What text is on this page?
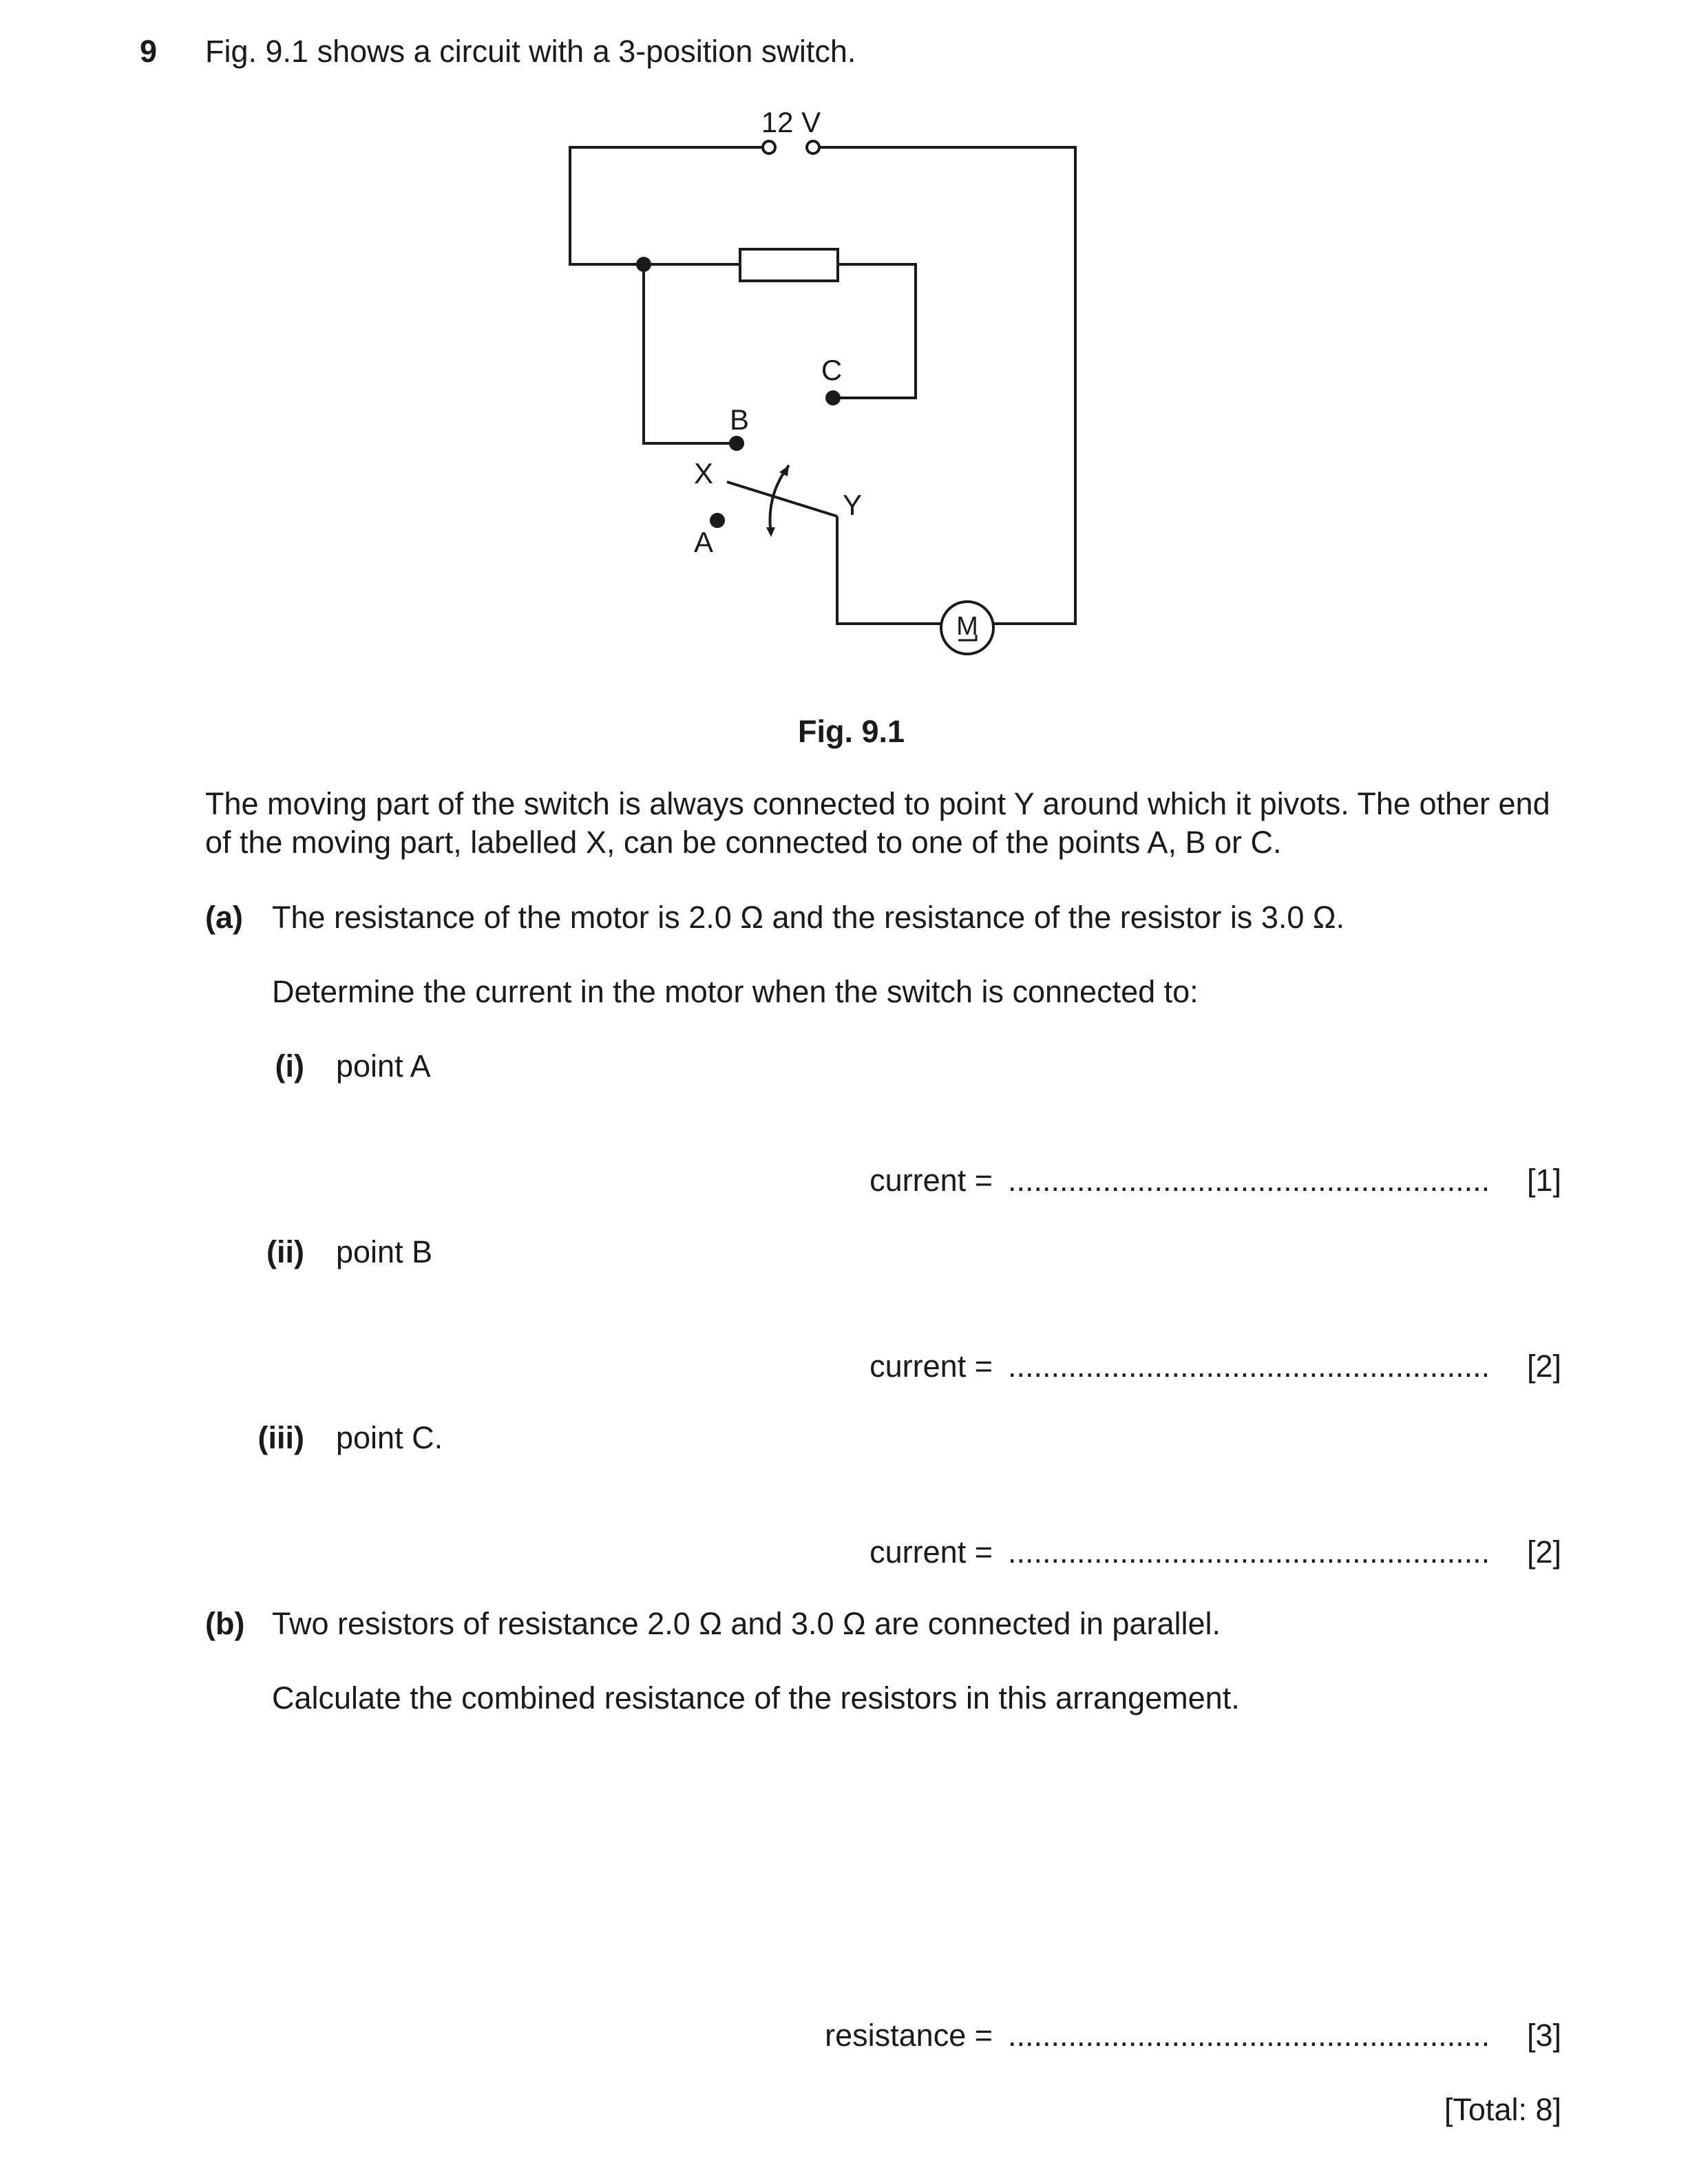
9 Fig. 9.1 shows a circuit with a 3-position switch.
12 V
C
B
X
Y
A
M
Fig. 9.1
The moving part of the switch is always connected to point Y around which it pivots. The other end of the moving part, labelled X, can be connected to one of the points A, B or C.
(a) The resistance of the motor is 2.0 Ω and the resistance of the resistor is 3.0 Ω.
Determine the current in the motor when the switch is connected to:
(i) point A
current = ........................................................	[1]
(ii) point B
current = ........................................................	[2]
(iii) point C.
current = ........................................................	[2]
(b) Two resistors of resistance 2.0 Ω and 3.0 Ω are connected in parallel.
Calculate the combined resistance of the resistors in this arrangement.
resistance = ........................................................	[3]
[Total: 8]
